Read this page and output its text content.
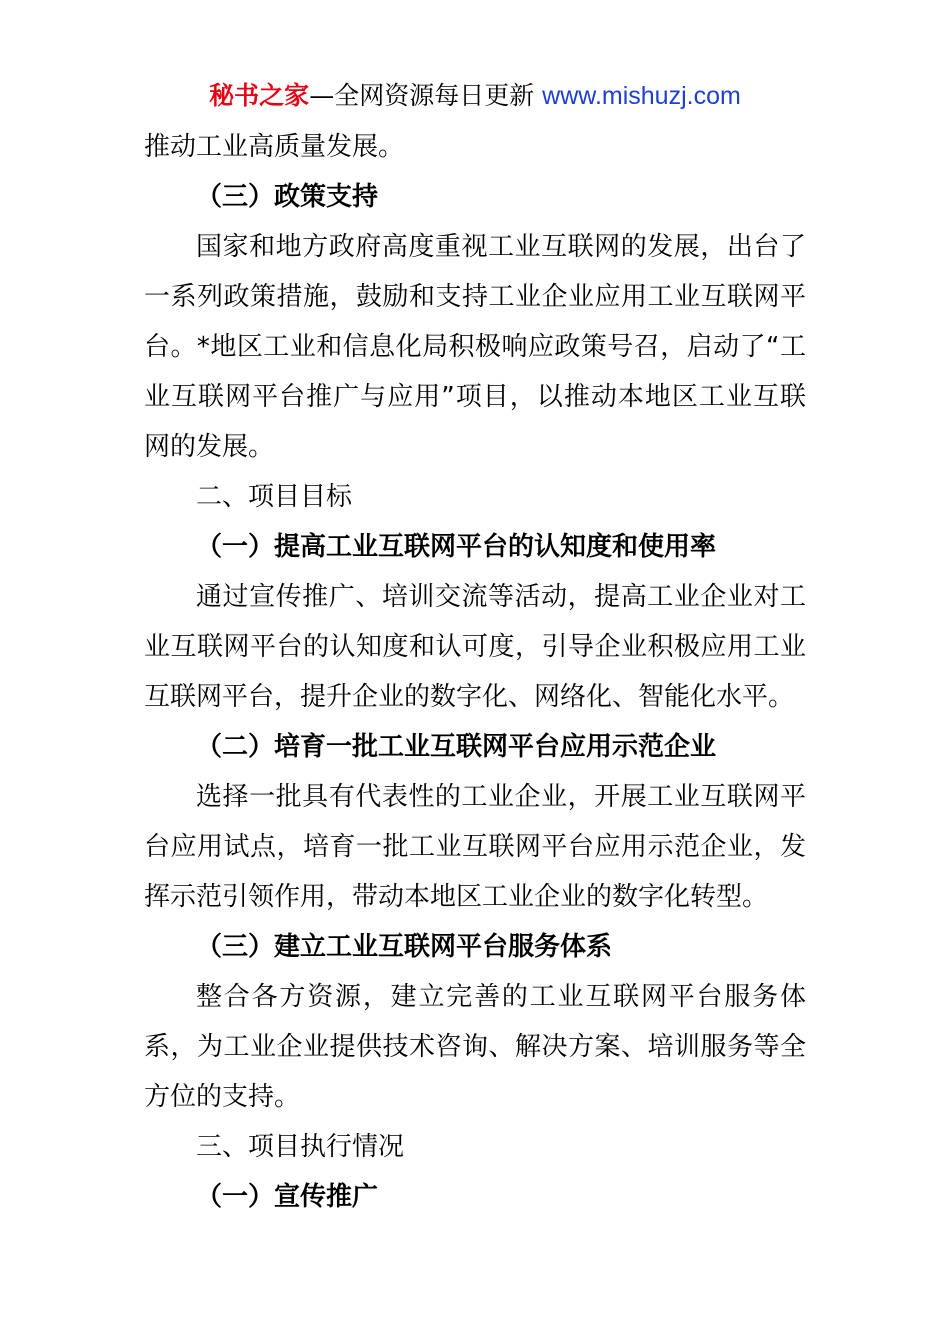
秘书之家—全网资源每日更新 www.mishuzj.com

推动工业高质量发展。

（三）政策支持

国家和地方政府高度重视工业互联网的发展，出台了一系列政策措施，鼓励和支持工业企业应用工业互联网平台。*地区工业和信息化局积极响应政策号召，启动了“工业互联网平台推广与应用”项目，以推动本地区工业互联网的发展。

二、项目目标

（一）提高工业互联网平台的认知度和使用率

通过宣传推广、培训交流等活动，提高工业企业对工业互联网平台的认知度和认可度，引导企业积极应用工业互联网平台，提升企业的数字化、网络化、智能化水平。

（二）培育一批工业互联网平台应用示范企业

选择一批具有代表性的工业企业，开展工业互联网平台应用试点，培育一批工业互联网平台应用示范企业，发挥示范引领作用，带动本地区工业企业的数字化转型。

（三）建立工业互联网平台服务体系

整合各方资源，建立完善的工业互联网平台服务体系，为工业企业提供技术咨询、解决方案、培训服务等全方位的支持。

三、项目执行情况

（一）宣传推广
